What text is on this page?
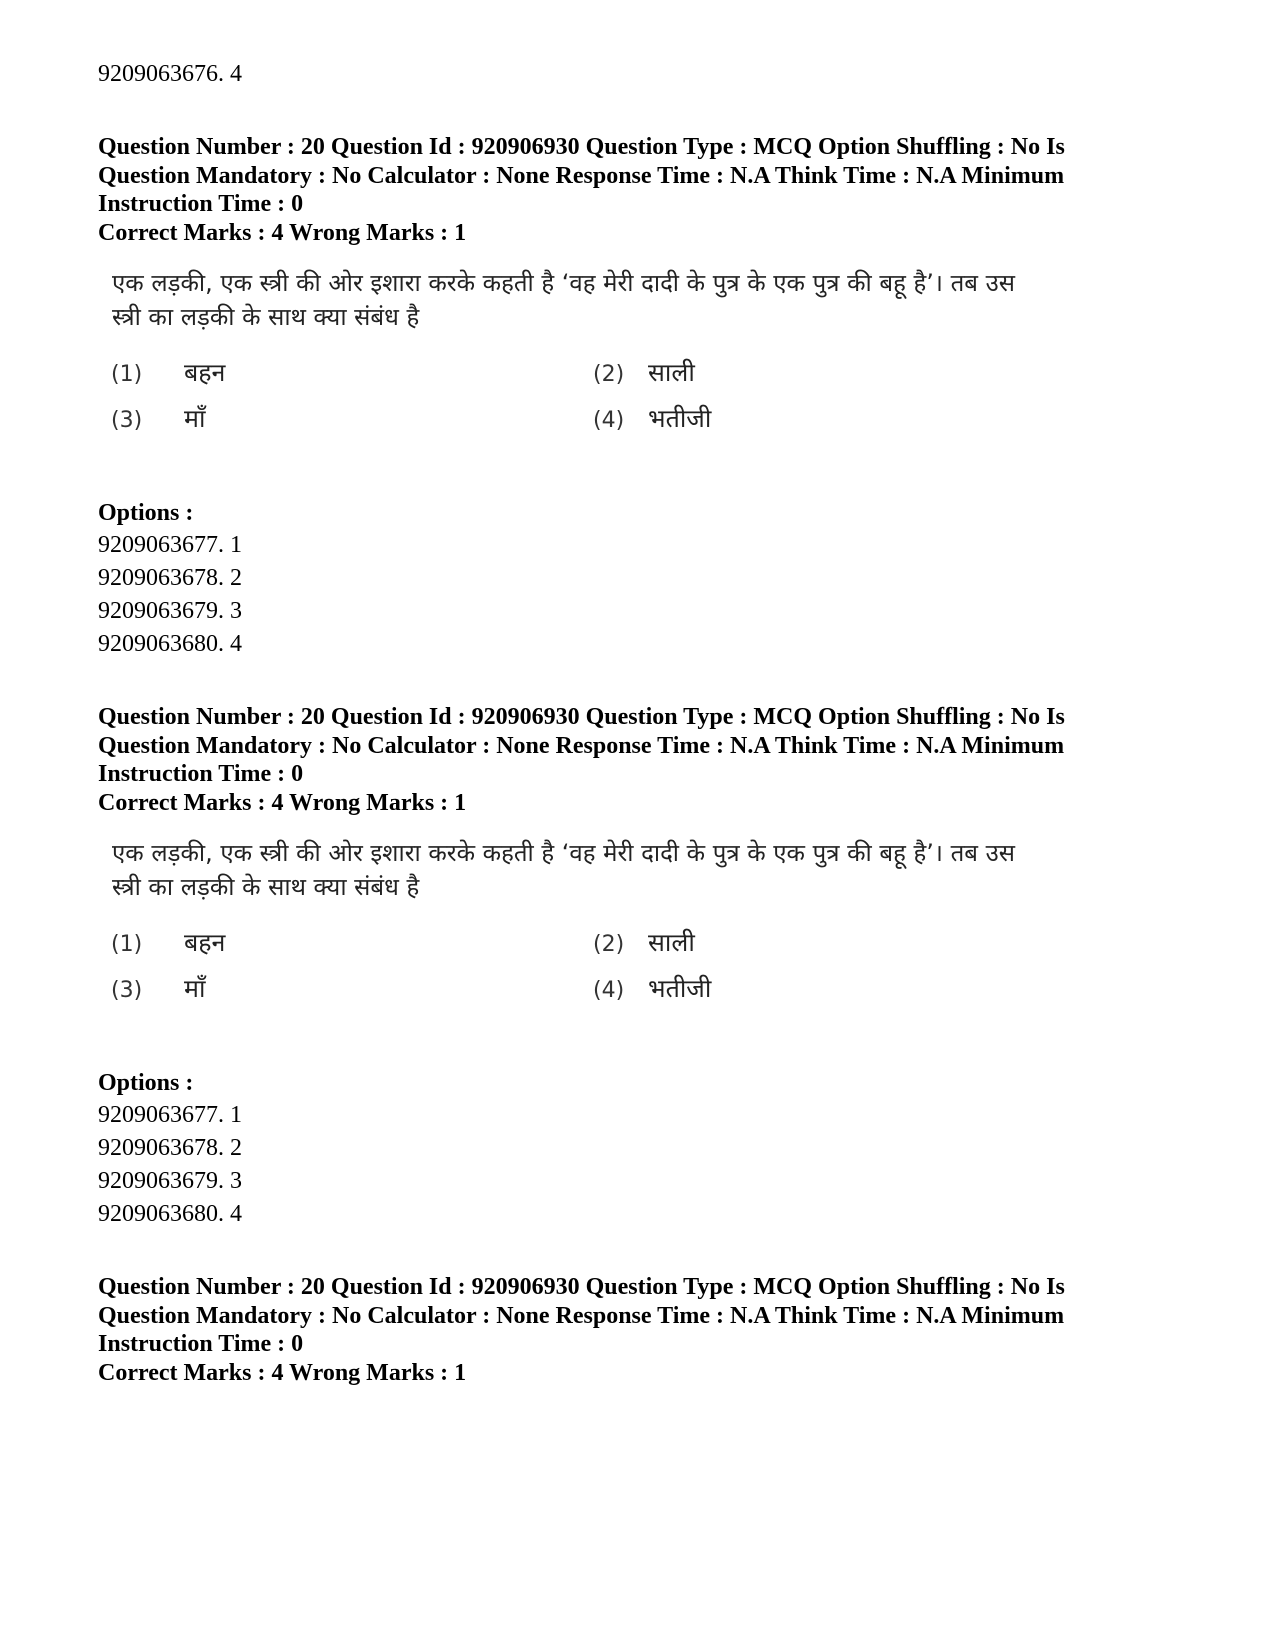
9209063676. 4
Question Number : 20 Question Id : 920906930 Question Type : MCQ Option Shuffling : No Is Question Mandatory : No Calculator : None Response Time : N.A Think Time : N.A Minimum Instruction Time : 0
Correct Marks : 4 Wrong Marks : 1
एक लड़की, एक स्त्री की ओर इशारा करके कहती है ‘वह मेरी दादी के पुत्र के एक पुत्र की बहू है’। तब उस
स्त्री का लड़की के साथ क्या संबंध है
(1) बहन	(2) साली
(3) माँ	(4) भतीजी
Options :
9209063677. 1
9209063678. 2
9209063679. 3
9209063680. 4
Question Number : 20 Question Id : 920906930 Question Type : MCQ Option Shuffling : No Is Question Mandatory : No Calculator : None Response Time : N.A Think Time : N.A Minimum Instruction Time : 0
Correct Marks : 4 Wrong Marks : 1
एक लड़की, एक स्त्री की ओर इशारा करके कहती है ‘वह मेरी दादी के पुत्र के एक पुत्र की बहू है’। तब उस
स्त्री का लड़की के साथ क्या संबंध है
(1) बहन	(2) साली
(3) माँ	(4) भतीजी
Options :
9209063677. 1
9209063678. 2
9209063679. 3
9209063680. 4
Question Number : 20 Question Id : 920906930 Question Type : MCQ Option Shuffling : No Is Question Mandatory : No Calculator : None Response Time : N.A Think Time : N.A Minimum Instruction Time : 0
Correct Marks : 4 Wrong Marks : 1
